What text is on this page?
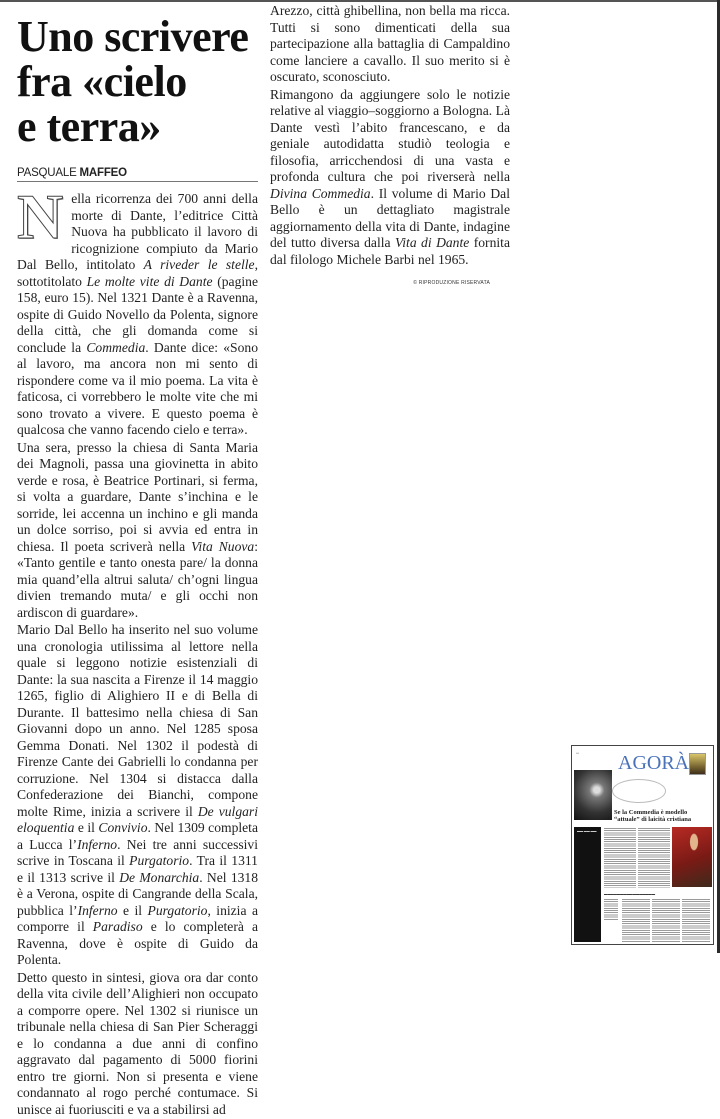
Uno scrivere
fra «cielo
e terra»
PASQUALE MAFFEO

Nella ricorrenza dei 700 anni della morte di Dante, l’editrice Città Nuova ha pubblicato il lavoro di ricognizione compiuto da Mario Dal Bello, intitolato A riveder le stelle, sottotitolato Le molte vite di Dante (pagine 158, euro 15). Nel 1321 Dante è a Ravenna, ospite di Guido Novello da Polenta, signore della città, che gli domanda come si conclude la Commedia. Dante dice: «Sono al lavoro, ma ancora non mi sento di rispondere come va il mio poema. La vita è faticosa, ci vorrebbero le molte vite che mi sono trovato a vivere. E questo poema è qualcosa che vanno facendo cielo e terra».

Una sera, presso la chiesa di Santa Maria dei Magnoli, passa una giovinetta in abito verde e rosa, è Beatrice Portinari, si ferma, si volta a guardare, Dante s’inchina e le sorride, lei accenna un inchino e gli manda un dolce sorriso, poi si avvia ed entra in chiesa. Il poeta scriverà nella Vita Nuova: «Tanto gentile e tanto onesta pare/ la donna mia quand’ella altrui saluta/ ch’ogni lingua divien tremando muta/ e gli occhi non ardiscon di guardare».

Mario Dal Bello ha inserito nel suo volume una cronologia utilissima al lettore nella quale si leggono notizie esistenziali di Dante: la sua nascita a Firenze il 14 maggio 1265, figlio di Alighiero II e di Bella di Durante. Il battesimo nella chiesa di San Giovanni dopo un anno. Nel 1285 sposa Gemma Donati. Nel 1302 il podestà di Firenze Cante dei Gabrielli lo condanna per corruzione. Nel 1304 si distacca dalla Confederazione dei Bianchi, compone molte Rime, inizia a scrivere il De vulgari eloquentia e il Convivio. Nel 1309 completa a Lucca l’Inferno. Nei tre anni successivi scrive in Toscana il Purgatorio. Tra il 1311 e il 1313 scrive il De Monarchia. Nel 1318 è a Verona, ospite di Cangrande della Scala, pubblica l’Inferno e il Purgatorio, inizia a comporre il Paradiso e lo completerà a Ravenna, dove è ospite di Guido da Polenta.

Detto questo in sintesi, giova ora dar conto della vita civile dell’Alighieri non occupato a comporre opere. Nel 1302 si riunisce un tribunale nella chiesa di San Pier Scheraggi e lo condanna a due anni di confino aggravato dal pagamento di 5000 fiorini entro tre giorni. Non si presenta e viene condannato al rogo perché contumace. Si unisce ai fuoriusciti e va a stabilirsi ad

Arezzo, città ghibellina, non bella ma ricca. Tutti si sono dimenticati della sua partecipazione alla battaglia di Campaldino come lanciere a cavallo. Il suo merito si è oscurato, sconosciuto.

Rimangono da aggiungere solo le notizie relative al viaggio–soggiorno a Bologna. Là Dante vestì l’abito francescano, e da geniale autodidatta studiò teologia e filosofia, arricchendosi di una vasta e profonda cultura che poi riverserà nella Divina Commedia. Il volume di Mario Dal Bello è un dettagliato magistrale aggiornamento della vita di Dante, indagine del tutto diversa dalla Vita di Dante fornita dal filologo Michele Barbi nel 1965.

© RIPRODUZIONE RISERVATA
••• AGORÀ
Se la Commedia è modello “attuale” di laicità cristiana
▬▬ ▬▬ ▬▬
▬▬▬▬▬▬▬▬▬▬▬▬▬▬▬▬
